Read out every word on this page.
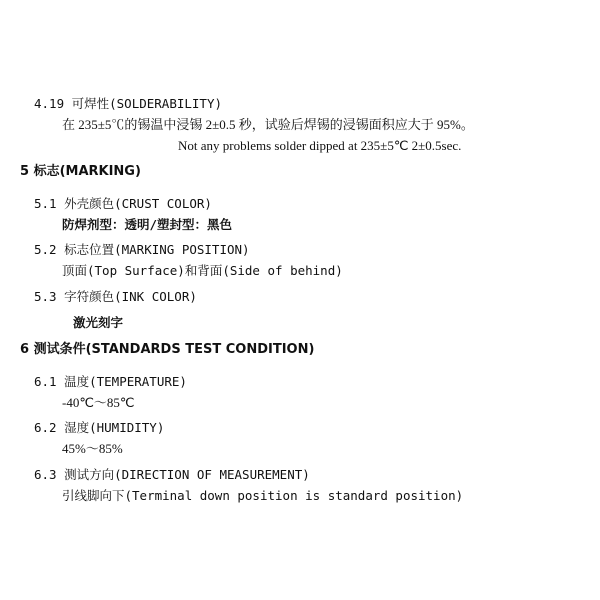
4.19 可焊性(SOLDERABILITY)
在 235±5℃的锡温中浸锡 2±0.5 秒，试验后焊锡的浸锡面积应大于 95%。
Not any problems solder dipped at 235±5℃ 2±0.5sec.
5 标志(MARKING)
5.1 外壳颜色(CRUST COLOR)
防焊剂型：透明/塑封型：黑色
5.2 标志位置(MARKING POSITION)
顶面(Top Surface)和背面(Side of behind)
5.3 字符颜色(INK COLOR)
激光刻字
6 测试条件(STANDARDS TEST CONDITION)
6.1 温度(TEMPERATURE)
-40℃～85℃
6.2 湿度(HUMIDITY)
45%～85%
6.3 测试方向(DIRECTION OF MEASUREMENT)
引线脚向下(Terminal down position is standard position)
